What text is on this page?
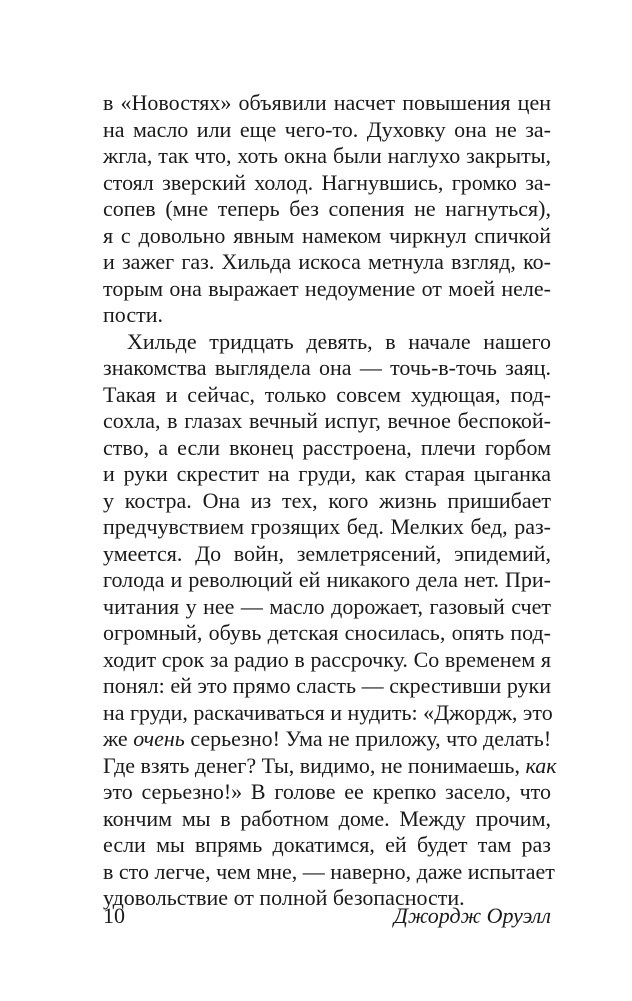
в «Новостях» объявили насчет повышения цен
на масло или еще чего-то. Духовку она не за-
жгла, так что, хоть окна были наглухо закрыты,
стоял зверский холод. Нагнувшись, громко за-
сопев (мне теперь без сопения не нагнуться),
я с довольно явным намеком чиркнул спичкой
и зажег газ. Хильда искоса метнула взгляд, ко-
торым она выражает недоумение от моей неле-
пости.
Хильде тридцать девять, в начале нашего
знакомства выглядела она — точь-в-точь заяц.
Такая и сейчас, только совсем худющая, под-
сохла, в глазах вечный испуг, вечное беспокой-
ство, а если вконец расстроена, плечи горбом
и руки скрестит на груди, как старая цыганка
у костра. Она из тех, кого жизнь пришибает
предчувствием грозящих бед. Мелких бед, раз-
умеется. До войн, землетрясений, эпидемий,
голода и революций ей никакого дела нет. При-
читания у нее — масло дорожает, газовый счет
огромный, обувь детская сносилась, опять под-
ходит срок за радио в рассрочку. Со временем я
понял: ей это прямо сласть — скрестивши руки
на груди, раскачиваться и нудить: «Джордж, это
же очень серьезно! Ума не приложу, что делать!
Где взять денег? Ты, видимо, не понимаешь, как
это серьезно!» В голове ее крепко засело, что
кончим мы в работном доме. Между прочим,
если мы впрямь докатимся, ей будет там раз
в сто легче, чем мне, — наверно, даже испытает
удовольствие от полной безопасности.
10	Джордж Оруэлл
